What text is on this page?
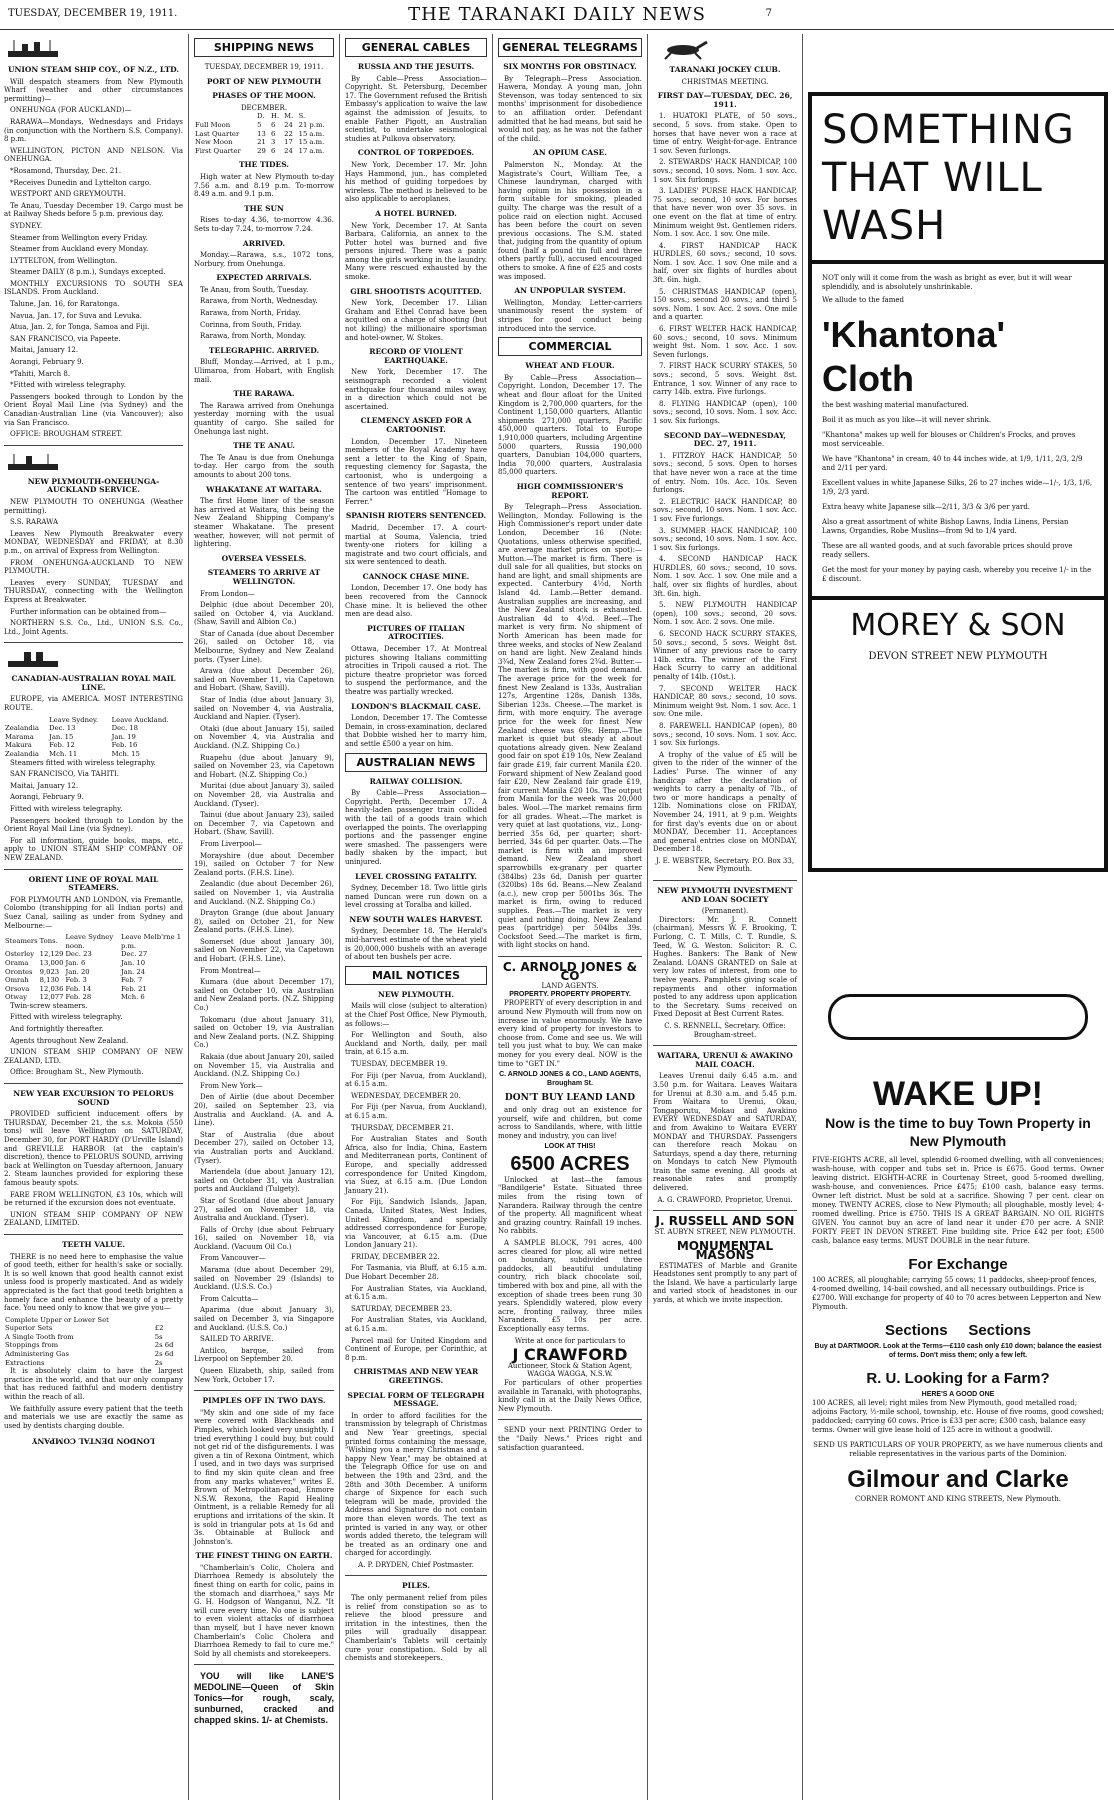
TUESDAY, DECEMBER 19, 1911.	THE TARANAKI DAILY NEWS	7
UNION STEAM SHIP COY., OF N.Z., LTD.
Will despatch steamers from New Plymouth Wharf (weather and other circumstances permitting)—
ONEHUNGA (FOR AUCKLAND)—
RARAWA—Mondays, Wednesdays and Fridays (in conjunction with the Northern S.S. Company). 8 p.m.
WELLINGTON, PICTON AND NELSON. Via ONEHUNGA.
*Rosamond, Thursday, Dec. 21.
*Receives Dunedin and Lyttelton cargo.
WESTPORT AND GREYMOUTH.
Te Anau, Tuesday December 19. Cargo must be at Railway Sheds before 5 p.m. previous day.
SYDNEY.
Steamer from Wellington every Friday.
Steamer from Auckland every Monday.
LYTTELTON, from Wellington.
Steamer DAILY (8 p.m.), Sundays excepted.
MONTHLY EXCURSIONS TO SOUTH SEA ISLANDS. From Auckland.
Talune, Jan. 16, for Raratonga.
Navua, Jan. 17, for Suva and Levuka.
Atua, Jan. 2, for Tonga, Samoa and Fiji.
SAN FRANCISCO, via Papeete.
Maitai, January 12.
Aorangi, February 9.
*Tahiti, March 8.
*Fitted with wireless telegraphy.
Passengers booked through to London by the Orient Royal Mail Line (via Sydney) and the Canadian-Australian Line (via Vancouver); also via San Francisco.
OFFICE: BROUGHAM STREET.
NEW PLYMOUTH-ONEHUNGA-AUCKLAND SERVICE.
NEW PLYMOUTH TO ONEHUNGA (Weather permitting).
S.S. RARAWA
Leaves New Plymouth Breakwater every MONDAY, WEDNESDAY and FRIDAY, at 8.30 p.m., on arrival of Express from Wellington.
FROM ONEHUNGA-AUCKLAND TO NEW PLYMOUTH.
Leaves every SUNDAY, TUESDAY and THURSDAY, connecting with the Wellington Express at Breakwater.
Further information can be obtained from—
NORTHERN S.S. Co., Ltd., UNION S.S. Co., Ltd., Joint Agents.
CANADIAN-AUSTRALIAN ROYAL MAIL LINE.
EUROPE, via AMERICA. MOST INTERESTING ROUTE.
	Leave Sydney.	Leave Auckland.
Zealandia	Dec. 13	Dec. 18
Marama	Jan. 15	Jan. 19
Makura	Feb. 12	Feb. 16
Zealandia	Mch. 11	Mch. 15
Steamers fitted with wireless telegraphy.
SAN FRANCISCO, Via TAHITI.
Maitai, January 12.
Aorangi, February 9.
Fitted with wireless telegraphy.
Passengers booked through to London by the Orient Royal Mail Line (via Sydney).
For all information, guide books, maps, etc., apply to UNION STEAM SHIP COMPANY OF NEW ZEALAND.
ORIENT LINE OF ROYAL MAIL STEAMERS.
FOR PLYMOUTH AND LONDON, via Fremantle, Colombo (transhipping for all Indian ports) and Suez Canal, sailing as under from Sydney and Melbourne:—
Steamers	Tons.	Leave Sydney noon.	Leave Melb'rne 1 p.m.
Osterley	12,129	Dec. 23	Dec. 27
Orama	13,000	Jan. 6	Jan. 10
Orontes	9,023	Jan. 20	Jan. 24
Omrah	8,130	Feb. 3	Feb. 7
Orsova	12,036	Feb. 14	Feb. 21
Otway	12,077	Feb. 28	Mch. 6
Twin-screw steamers.
Fitted with wireless telegraphy.
And fortnightly thereafter.
Agents throughout New Zealand.
UNION STEAM SHIP COMPANY OF NEW ZEALAND, LTD.
Office: Brougham St., New Plymouth.
NEW YEAR EXCURSION TO PELORUS SOUND
PROVIDED sufficient inducement offers by THURSDAY, December 21, the s.s. Mokoia (550 tons) will leave Wellington on SATURDAY, December 30, for PORT HARDY (D'Urville Island) and GREVILLE HARBOR (at the captain's discretion), thence to PELORUS SOUND, arriving back at Wellington on Tuesday afternoon, January 2. Steam launches provided for exploring these famous beauty spots.
FARE FROM WELLINGTON, £3 10s, which will be returned if the excursion does not eventuate.
UNION STEAM SHIP COMPANY OF NEW ZEALAND, LIMITED.
TEETH VALUE.
THERE is no need here to emphasise the value of good teeth, either for health's sake or socially. It is so well known that good health cannot exist unless food is properly masticated. And as widely appreciated is the fact that good teeth brighten a homely face and enhance the beauty of a pretty face. You need only to know that we give you—
Complete Upper or Lower Set	
Superior Sets	£2
A Single Tooth from	5s
Stoppings from	2s 6d
Administering Gas	2s 6d
Extractions	2s
It is absolutely claim to have the largest practice in the world, and that our only company that has reduced faithful and modern dentistry within the reach of all.
We faithfully assure every patient that the teeth and materials we use are exactly the same as used by dentists charging double.
LONDON DENTAL COMPANY
SHIPPING NEWS
TUESDAY, DECEMBER 19, 1911.
PORT OF NEW PLYMOUTH
PHASES OF THE MOON.
DECEMBER.
	D.	H.	M.	S.
Full Moon	5	6	24	21 p.m.
Last Quarter	13	6	22	15 a.m.
New Moon	21	3	17	15 a.m.
First Quarter	29	6	24	17 a.m.
THE TIDES.
High water at New Plymouth to-day 7.56 a.m. and 8.19 p.m. To-morrow 8.49 a.m. and 9.1 p.m.
THE SUN
Rises to-day 4.36, to-morrow 4.36. Sets to-day 7.24, to-morrow 7.24.
ARRIVED.
Monday.—Rarawa, s.s., 1072 tons, Norbury, from Onehunga.
EXPECTED ARRIVALS.
Te Anau, from South, Tuesday.
Rarawa, from North, Wednesday.
Rarawa, from North, Friday.
Corinna, from South, Friday.
Rarawa, from North, Monday.
TELEGRAPHIC. ARRIVED.
Bluff, Monday.—Arrived, at 1 p.m., Ulimaroa, from Hobart, with English mail.
THE RARAWA.
The Rarawa arrived from Onehunga yesterday morning with the usual quantity of cargo. She sailed for Onehunga last night.
THE TE ANAU.
The Te Anau is due from Onehunga to-day. Her cargo from the south amounts to about 200 tons.
WHAKATANE AT WAITARA.
The first Home liner of the season has arrived at Waitara, this being the New Zealand Shipping Company's steamer Whakatane. The present weather, however, will not permit of lightering.
OVERSEA VESSELS.
STEAMERS TO ARRIVE AT WELLINGTON.
From London—
Delphic (due about December 20), sailed on October 4, via Auckland. (Shaw, Savill and Albion Co.)
Star of Canada (due about December 26), sailed on October 18, via Melbourne, Sydney and New Zealand ports. (Tyser Line).
Arawa (due about December 26), sailed on November 11, via Capetown and Hobart. (Shaw, Savill).
Star of India (due about January 3), sailed on November 4, via Australia, Auckland and Napier. (Tyser).
Otaki (due about January 15), sailed on November 4, via Australia and Auckland. (N.Z. Shipping Co.)
Ruapehu (due about January 9), sailed on November 23, via Capetown and Hobart. (N.Z. Shipping Co.)
Muritai (due about January 3), sailed on November 28, via Australia and Auckland. (Tyser).
Tainui (due about January 23), sailed on December 7, via Capetown and Hobart. (Shaw, Savill).
From Liverpool—
Morayshire (due about December 19), sailed on October 7 for New Zealand ports. (F.H.S. Line).
Zealandic (due about December 26), sailed on November 1, via Australia and Auckland. (N.Z. Shipping Co.)
Drayton Grange (due about January 8), sailed on October 21, for New Zealand ports. (F.H.S. Line).
Somerset (due about January 30), sailed on November 22, via Capetown and Hobart. (F.H.S. Line).
From Montreal—
Kumara (due about December 17), sailed on October 10, via Australian and New Zealand ports. (N.Z. Shipping Co.)
Tokomaru (due about January 31), sailed on October 19, via Australian and New Zealand ports. (N.Z. Shipping Co.)
Rakaia (due about January 20), sailed on November 15, via Australia and Auckland. (N.Z. Shipping Co.)
From New York—
Den of Airlie (due about December 20), sailed on September 23, via Australia and Auckland. (A. and A. Line).
Star of Australia (due about December 27), sailed on October 13, via Australian ports and Auckland. (Tyser).
Mariendela (due about January 12), sailed on October 31, via Australian ports and Auckland (Tulgety).
Star of Scotland (due about January 27), sailed on November 18, via Australia and Auckland. (Tyser).
Falls of Orchy (due about February 16), sailed on November 18, via Auckland. (Vacuum Oil Co.)
From Vancouver—
Marama (due about December 29), sailed on November 29 (Islands) to Auckland. (U.S.S. Co.)
From Calcutta—
Aparima (due about January 3), sailed on December 3, via Singapore and Auckland. (U.S.S. Co.)
SAILED TO ARRIVE.
Antilco, barque, sailed from Liverpool on September 20.
Queen Elizabeth, ship, sailed from New York, October 17.
PIMPLES OFF IN TWO DAYS.
"My skin and one side of my face were covered with Blackheads and Pimples, which looked very unsightly. I tried everything I could buy, but could not get rid of the disfigurements. I was given a tin of Rexona Ointment, which I used, and in two days was surprised to find my skin quite clean and free from any marks whatever," writes E. Brown of Metropolitan-road, Enmore N.S.W. Rexona, the Rapid Healing Ointment, is a reliable Remedy for all eruptions and irritations of the skin. It is sold in triangular pots at 1s 6d and 3s. Obtainable at Bullock and Johnston's.
THE FINEST THING ON EARTH.
"Chamberlain's Colic, Cholera and Diarrhoea Remedy is absolutely the finest thing on earth for colic, pains in the stomach and diarrhoea," says Mr G. H. Hodgson of Wanganui, N.Z. "It will cure every time. No one is subject to even violent attacks of diarrhoea than myself, but I have never known Chamberlain's Colic Cholera and Diarrhoea Remedy to fail to cure me." Sold by all chemists and storekeepers.
YOU will like LANE'S MEDOLINE—Queen of Skin Tonics—for rough, scaly, sunburned, cracked and chapped skins. 1/- at Chemists.
GENERAL CABLES
RUSSIA AND THE JESUITS.
By Cable—Press Association—Copyright. St. Petersburg, December 17. The Government refused the British Embassy's application to waive the law against the admission of Jesuits, to enable Father Pigott, an Australian scientist, to undertake seismological studies at Pulkova observatory.
CONTROL OF TORPEDOES.
New York, December 17. Mr. John Hays Hammond, jun., has completed his method of guiding torpedoes by wireless. The method is believed to be also applicable to aeroplanes.
A HOTEL BURNED.
New York, December 17. At Santa Barbara, California, an annex to the Potter hotel was burned and five persons injured. There was a panic among the girls working in the laundry. Many were rescued exhausted by the smoke.
GIRL SHOOTISTS ACQUITTED.
New York, December 17. Lilian Graham and Ethel Conrad have been acquitted on a charge of shooting (but not killing) the millionaire sportsman and hotel-owner, W. Stokes.
RECORD OF VIOLENT EARTHQUAKE.
New York, December 17. The seismograph recorded a violent earthquake four thousand miles away, in a direction which could not be ascertained.
CLEMENCY ASKED FOR A CARTOONIST.
London, December 17. Nineteen members of the Royal Academy have sent a letter to the King of Spain, requesting clemency for Sagasta, the cartoonist, who is undergoing a sentence of two years' imprisonment. The cartoon was entitled "Homage to Ferrer."
SPANISH RIOTERS SENTENCED.
Madrid, December 17. A court-martial at Souma, Valencia, tried twenty-one rioters for killing a magistrate and two court officials, and six were sentenced to death.
CANNOCK CHASE MINE.
London, December 17. One body has been recovered from the Cannock Chase mine. It is believed the other men are dead also.
PICTURES OF ITALIAN ATROCITIES.
Ottawa, December 17. At Montreal pictures showing Italians committing atrocities in Tripoli caused a riot. The picture theatre proprietor was forced to suspend the performance, and the theatre was partially wrecked.
LONDON'S BLACKMAIL CASE.
London, December 17. The Comtesse Demain, in cross-examination, declared that Dobbie wished her to marry him, and settle £500 a year on him.
AUSTRALIAN NEWS
RAILWAY COLLISION.
By Cable—Press Association—Copyright. Perth, December 17. A heavily-laden passenger train collided with the tail of a goods train which overlapped the points. The overlapping portions and the passenger engine were smashed. The passengers were badly shaken by the impact, but uninjured.
LEVEL CROSSING FATALITY.
Sydney, December 18. Two little girls named Duncan were run down on a level crossing at Toralba and killed.
NEW SOUTH WALES HARVEST.
Sydney, December 18. The Herald's mid-harvest estimate of the wheat yield is 20,000,000 bushels with an average of about ten bushels per acre.
MAIL NOTICES
NEW PLYMOUTH.
Mails will close (subject to alteration) at the Chief Post Office, New Plymouth, as follows:—
For Wellington and South, also Auckland and North, daily, per mail train, at 6.15 a.m.
TUESDAY, DECEMBER 19.
For Fiji (per Navua, from Auckland), at 6.15 a.m.
WEDNESDAY, DECEMBER 20.
For Fiji (per Navua, from Auckland), at 6.15 a.m.
THURSDAY, DECEMBER 21.
For Australian States and South Africa, also for India, China, Eastern and Mediterranean ports, Continent of Europe, and specially addressed correspondence for United Kingdom, via Suez, at 6.15 a.m. (Due London January 21).
For Fiji, Sandwich Islands, Japan, Canada, United States, West Indies, United Kingdom, and specially addressed correspondence for Europe, via Vancouver, at 6.15 a.m. (Due London January 21).
FRIDAY, DECEMBER 22.
For Tasmania, via Bluff, at 6.15 a.m. Due Hobart December 28.
For Australian States, via Auckland, at 6.15 a.m.
SATURDAY, DECEMBER 23.
For Australian States, via Auckland, at 6.15 a.m.
Parcel mail for United Kingdom and Continent of Europe, per Corinthic, at 8 p.m.
CHRISTMAS AND NEW YEAR GREETINGS.
SPECIAL FORM OF TELEGRAPH MESSAGE.
In order to afford facilities for the transmission by telegraph of Christmas and New Year greetings, special printed forms containing the message, "Wishing you a merry Christmas and a happy New Year," may be obtained at the Telegraph Office for use on and between the 19th and 23rd, and the 28th and 30th December. A uniform charge of Sixpence for each such telegram will be made, provided the Address and Signature do not contain more than eleven words. The text as printed is varied in any way, or other words added thereto, the telegram will be treated as an ordinary one and charged for accordingly.
A. P. DRYDEN, Chief Postmaster.
PILES.
The only permanent relief from piles is relief from constipation so as to relieve the blood pressure and irritation in the intestines, then the piles will gradually disappear. Chamberlain's Tablets will certainly cure your constipation. Sold by all chemists and storekeepers.
GENERAL TELEGRAMS
SIX MONTHS FOR OBSTINACY.
By Telegraph—Press Association. Hawera, Monday. A young man, John Stevenson, was today sentenced to six months' imprisonment for disobedience to an affiliation order. Defendant admitted that he had means, but said he would not pay, as he was not the father of the child.
AN OPIUM CASE.
Palmerston N., Monday. At the Magistrate's Court, William Tee, a Chinese laundryman, charged with having opium in his possession in a form suitable for smoking, pleaded guilty. The charge was the result of a police raid on election night. Accused has been before the court on seven previous occasions. The S.M. stated that, judging from the quantity of opium found (half a pound tin full and three others partly full), accused encouraged others to smoke. A fine of £25 and costs was imposed.
AN UNPOPULAR SYSTEM.
Wellington, Monday. Letter-carriers unanimously resent the system of stripes for good conduct being introduced into the service.
COMMERCIAL
WHEAT AND FLOUR.
By Cable—Press Association—Copyright. London, December 17. The wheat and flour afloat for the United Kingdom is 2,700,000 quarters, for the Continent 1,150,000 quarters, Atlantic shipments 271,000 quarters, Pacific 450,000 quarters. Total to Europe 1,910,000 quarters, including Argentine 5000 quarters, Russia 190,000 quarters, Danubian 104,000 quarters, India 70,000 quarters, Australasia 85,000 quarters.
HIGH COMMISSIONER'S REPORT.
By Telegraph—Press Association. Wellington, Monday. Following is the High Commissioner's report under date London, December 16 (Note: Quotations, unless otherwise specified, are average market prices on spot):— Mutton.—The market is firm. There is dull sale for all qualities, but stocks on hand are light, and small shipments are expected. Canterbury 4½d, North Island 4d. Lamb.—Better demand. Australian supplies are increasing, and the New Zealand stock is exhausted. Australian 4d to 4½d. Beef.—The market is very firm. No shipment of North American has been made for three weeks, and stocks of New Zealand on hand are light. New Zealand hinds 3¾d, New Zealand fores 2¾d. Butter.—The market is firm, with good demand. The average price for the week for finest New Zealand is 133s, Australian 127s, Argentine 128s, Danish 138s, Siberian 123s. Cheese.—The market is firm, with more enquiry. The average price for the week for finest New Zealand cheese was 69s. Hemp.—The market is quiet but steady at about quotations already given. New Zealand good fair on spot £19 10s, New Zealand fair grade £19, fair current Manila £20. Forward shipment of New Zealand good fair £20, New Zealand fair grade £19, fair current Manila £20 10s. The output from Manila for the week was 20,000 bales. Wool.—The market remains firm for all grades. Wheat.—The market is very quiet at last quotations, viz., Long-berried 35s 6d, per quarter; short-berried, 34s 6d per quarter. Oats.—The market is firm with an improved demand. New Zealand short sparrowbills ex-granary per quarter (384lbs) 23s 6d, Danish per quarter (320lbs) 18s 6d. Beans.—New Zealand (a.c.), new crop per 5001bs 36s. The market is firm, owing to reduced supplies. Peas.—The market is very quiet and nothing doing. New Zealand peas (partridge) per 504lbs 39s. Cocksfoot Seed.—The market is firm, with light stocks on hand.
C. ARNOLD JONES & CO
LAND AGENTS.
PROPERTY. PROPERTY PROPERTY.
PROPERTY of every description in and around New Plymouth will from now on increase in value enormously. We have every kind of property for investors to choose from. Come and see us. We will tell you just what to buy. We can make money for you every deal. NOW is the time to "GET IN."
C. ARNOLD JONES & CO., LAND AGENTS, Brougham St.
DON'T BUY LEAND LAND
and only drag out an existence for yourself, wife and children, but come across to Sandilands, where, with little money and industry, you can live!
LOOK AT THIS!
6500 ACRES
Unlocked at last—the famous "Bandilgerie" Estate. Situated three miles from the rising town of Narandera. Railway through the centre of the property. All magnificent wheat and grazing country. Rainfall 19 inches. No rabbits.
A SAMPLE BLOCK, 791 acres, 400 acres cleared for plow, all wire netted on boundary, subdivided three paddocks, all beautiful undulating country, rich black chocolate soil, timbered with box and pine, all with the exception of shade trees been rung 30 years. Splendidly watered, plow every acre, fronting railway, three miles Narandera. £5 10s per acre. Exceptionally easy terms.
Write at once for particulars to
J CRAWFORD
Auctioneer, Stock & Station Agent, WAGGA WAGGA, N.S.W.
For particulars of other properties available in Taranaki, with photographs, kindly call in at the Daily News Office, New Plymouth.
SEND your next PRINTING Order to the "Daily News." Prices right and satisfaction guaranteed.
TARANAKI JOCKEY CLUB.
CHRISTMAS MEETING.
FIRST DAY—TUESDAY, DEC. 26, 1911.
1. HUATOKI PLATE, of 50 sovs., second, 5 sovs. from stake. Open to horses that have never won a race at time of entry. Weight-for-age. Entrance 1 sov. Seven furlongs.
2. STEWARDS' HACK HANDICAP, 100 sovs.; second, 10 sovs. Nom. 1 sov. Acc. 1 sov. Six furlongs.
3. LADIES' PURSE HACK HANDICAP, 75 sovs.; second, 10 sovs. For horses that have never won over 35 sovs. in one event on the flat at time of entry. Minimum weight 9st. Gentlemen riders. Nom. 1 sov. Acc. 1 sov. One mile.
4. FIRST HANDICAP HACK HURDLES, 60 sovs.; second, 10 sovs. Nom. 1 sov. Acc. 1 sov. One mile and a half, over six flights of hurdles about 3ft. 6in. high.
5. CHRISTMAS HANDICAP (open), 150 sovs.; second 20 sovs.; and third 5 sovs. Nom. 1 sov. Acc. 2 sovs. One mile and a quarter.
6. FIRST WELTER HACK HANDICAP, 60 sovs.; second, 10 sovs. Minimum weight 9st. Nom. 1 sov. Acc. 1 sov. Seven furlongs.
7. FIRST HACK SCURRY STAKES, 50 sovs.; second, 5 sovs. Weight 8st. Entrance, 1 sov. Winner of any race to carry 14lb. extra. Five furlongs.
8. FLYING HANDICAP (open), 100 sovs.; second, 10 sovs. Nom. 1 sov. Acc. 1 sov. Six furlongs.
SECOND DAY—WEDNESDAY, DEC. 27, 1911.
1. FITZROY HACK HANDICAP, 50 sovs.; second, 5 sovs. Open to horses that have never won a race at the time of entry. Nom. 10s. Acc. 10s. Seven furlongs.
2. ELECTRIC HACK HANDICAP, 80 sovs.; second, 10 sovs. Nom. 1 sov. Acc. 1 sov. Five furlongs.
3. SUMMER HACK HANDICAP, 100 sovs.; second, 10 sovs. Nom. 1 sov. Acc. 1 sov. Six furlongs.
4. SECOND HANDICAP HACK HURDLES, 60 sovs.; second, 10 sovs. Nom. 1 sov. Acc. 1 sov. One mile and a half, over six flights of hurdles, about 3ft. 6in. high.
5. NEW PLYMOUTH HANDICAP (open), 100 sovs.; second, 20 sovs. Nom. 1 sov. Acc. 2 sovs. One mile.
6. SECOND HACK SCURRY STAKES, 50 sovs.; second, 5 sovs. Weight 8st. Winner of any previous race to carry 14lb. extra. The winner of the First Hack Scurry to carry an additional penalty of 14lb. (10st.).
7. SECOND WELTER HACK HANDICAP, 80 sovs.; second, 10 sovs. Minimum weight 9st. Nom. 1 sov. Acc. 1 sov. One mile.
8. FAREWELL HANDICAP (open), 80 sovs.; second, 10 sovs. Nom. 1 sov. Acc. 1 sov. Six furlongs.
A trophy of the value of £5 will be given to the rider of the winner of the Ladies' Purse. The winner of any handicap after the declaration of weights to carry a penalty of 7lb., of two or more handicaps a penalty of 12lb. Nominations close on FRIDAY, November 24, 1911, at 9 p.m. Weights for first day's events due on or about MONDAY, December 11. Acceptances and general entries close on MONDAY, December 18.
J. E. WEBSTER, Secretary. P.O. Box 33, New Plymouth.
NEW PLYMOUTH INVESTMENT AND LOAN SOCIETY
(Permanent).
Directors: Mr. J. R. Connett (chairman), Messrs W. F. Brooking, T. Furlong, C. T. Mills, C. T. Rundle, S. Teed, W. G. Weston. Solicitor: R. C. Hughes. Bankers: The Bank of New Zealand. LOANS GRANTED on Sale at very low rates of interest, from one to twelve years. Pamphlets giving scale of repayments and other information posted to any address upon application to the Secretary. Sums received on Fixed Deposit at Best Current Rates.
C. S. RENNELL, Secretary. Office: Brougham-street.
WAITARA, URENUI & AWAKINO MAIL COACH.
Leaves Urenui daily 6.45 a.m. and 3.50 p.m. for Waitara. Leaves Waitara for Urenui at 8.30 a.m. and 5.45 p.m. From Waitara to Urenui, Okau, Tongaporutu, Mokau and Awakino EVERY WEDNESDAY and SATURDAY, and from Awakino to Waitara EVERY MONDAY and THURSDAY. Passengers can therefore reach Mokau on Saturdays, spend a day there, returning on Mondays to catch New Plymouth train the same evening. All goods at reasonable rates and promptly delivered.
A. G. CRAWFORD, Proprietor, Urenui.
J. RUSSELL AND SON
ST. AUBYN STREET, NEW PLYMOUTH.
MONUMENTAL MASONS
ESTIMATES of Marble and Granite Headstones sent promptly to any part of the Island. We have a particularly large and varied stock of headstones in our yards, at which we invite inspection.
SOMETHING
THAT WILL
WASH
NOT only will it come from the wash as bright as ever, but it will wear splendidly, and is absolutely unshrinkable.
We allude to the famed
'Khantona'
Cloth
the best washing material manufactured.
Boil it as much as you like—it will never shrink.
"Khantona" makes up well for blouses or Children's Frocks, and proves most serviceable.
We have "Khantona" in cream, 40 to 44 inches wide, at 1/9, 1/11, 2/3, 2/9 and 2/11 per yard.
Excellent values in white Japanese Silks, 26 to 27 inches wide—1/-, 1/3, 1/6, 1/9, 2/3 yard.
Extra heavy white Japanese silk—2/11, 3/3 & 3/6 per yard.
Also a great assortment of white Bishop Lawns, India Linens, Persian Lawns, Organdies, Robe Muslins—from 9d to 1/4 yard.
These are all wanted goods, and at such favorable prices should prove ready sellers.
Get the most for your money by paying cash, whereby you receive 1/- in the £ discount.
MOREY & SON
DEVON STREET NEW PLYMOUTH
WAKE UP!
Now is the time to buy Town Property in New Plymouth
FIVE-EIGHTS ACRE, all level, splendid 6-roomed dwelling, with all conveniences; wash-house, with copper and tubs set in. Price is £675. Good terms. Owner leaving district. EIGHTH-ACRE in Courtenay Street, good 5-roomed dwelling, wash-house, and conveniences. Price £475; £100 cash, balance easy terms. Owner left district. Must be sold at a sacrifice. Showing 7 per cent. clear on money. TWENTY ACRES, close to New Plymouth; all ploughable, mostly level; 4-roomed dwelling. Price is £750. THIS IS A GREAT BARGAIN. NO OIL RIGHTS GIVEN. You cannot buy an acre of land near it under £70 per acre. A SNIP. FORTY FEET IN DEVON STREET. Fine building site. Price £42 per foot; £500 cash, balance easy terms. MUST DOUBLE in the near future.
For Exchange
100 ACRES, all ploughable; carrying 55 cows; 11 paddocks, sheep-proof fences, 4-roomed dwelling, 14-bail cowshed, and all necessary outbuildings. Price is £2700. Will exchange for property of 40 to 70 acres between Lepperton and New Plymouth.
Sections     Sections
Buy at DARTMOOR. Look at the Terms—£110 cash only £10 down; balance the easiest of terms. Don't miss them; only a few left.
R. U. Looking for a Farm?
HERE'S A GOOD ONE
100 ACRES, all level; right miles from New Plymouth, good metalled road; adjoins Factory, ½-mile school, township, etc. House of five rooms, good cowshed; paddocked; carrying 60 cows. Price is £33 per acre; £300 cash, balance easy terms. Owner will give lease hold of 125 acre in without a goodwill.
SEND US PARTICULARS OF YOUR PROPERTY, as we have numerous clients and reliable representatives in the various parts of the Dominion.
Gilmour and Clarke
CORNER ROMONT AND KING STREETS, New Plymouth.
